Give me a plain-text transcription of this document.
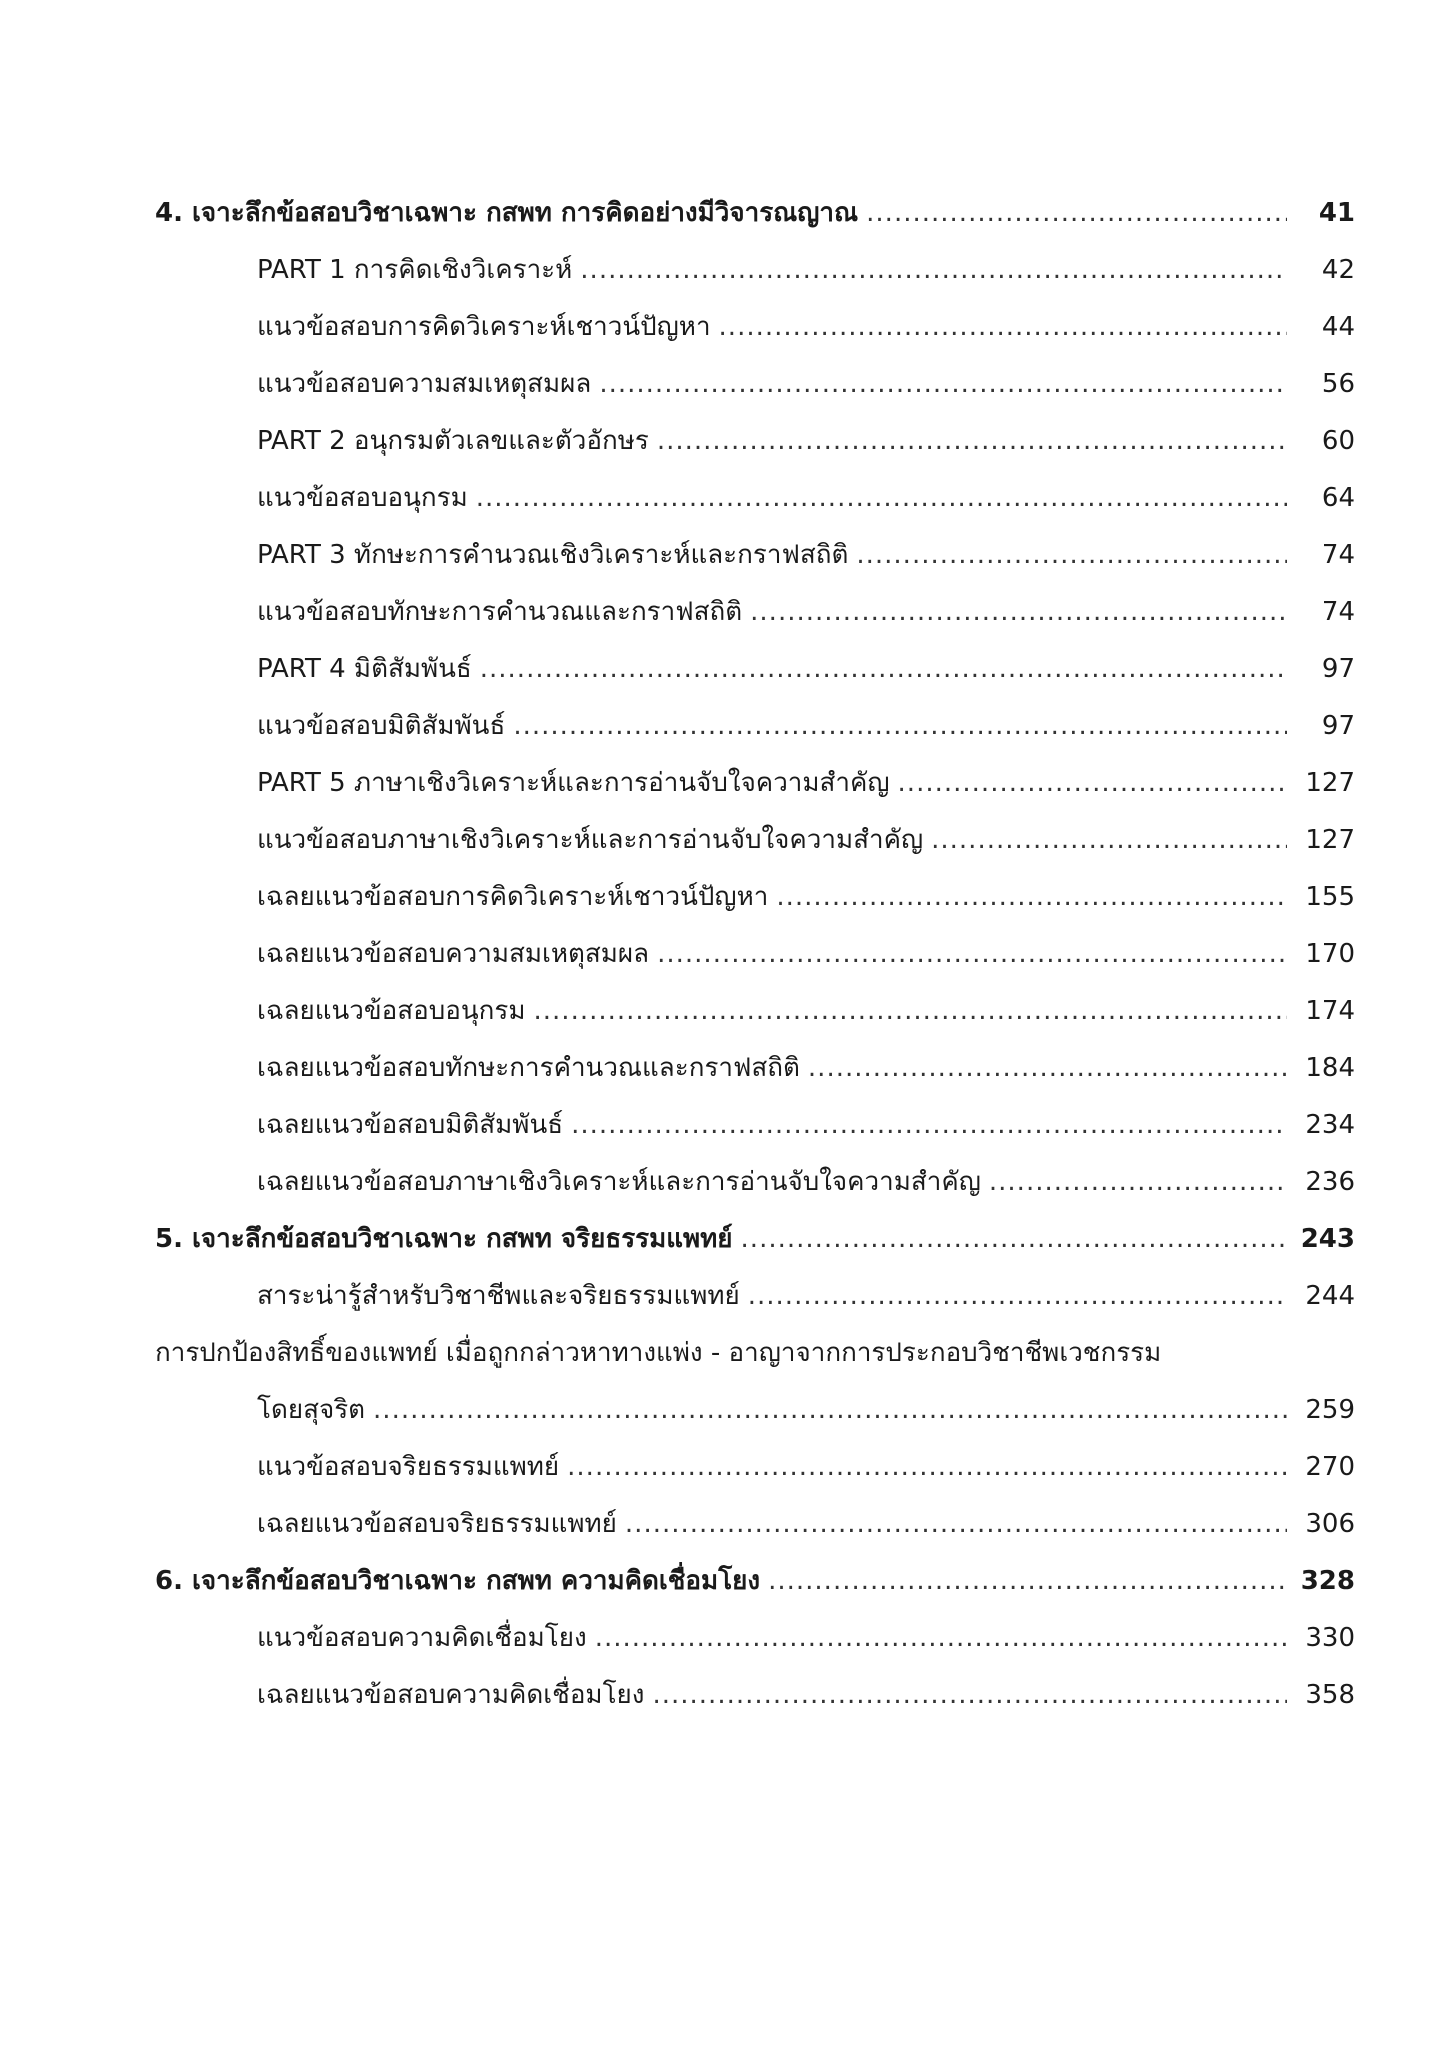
4. เจาะลึกข้อสอบวิชาเฉพาะ กสพท การคิดอย่างมีวิจารณญาณ .....	41
PART 1 การคิดเชิงวิเคราะห์ .....	42
แนวข้อสอบการคิดวิเคราะห์เชาวน์ปัญหา .....	44
แนวข้อสอบความสมเหตุสมผล .....	56
PART 2 อนุกรมตัวเลขและตัวอักษร .....	60
แนวข้อสอบอนุกรม .....	64
PART 3 ทักษะการคำนวณเชิงวิเคราะห์และกราฟสถิติ .....	74
แนวข้อสอบทักษะการคำนวณและกราฟสถิติ .....	74
PART 4 มิติสัมพันธ์ .....	97
แนวข้อสอบมิติสัมพันธ์ .....	97
PART 5 ภาษาเชิงวิเคราะห์และการอ่านจับใจความสำคัญ .....	127
แนวข้อสอบภาษาเชิงวิเคราะห์และการอ่านจับใจความสำคัญ .....	127
เฉลยแนวข้อสอบการคิดวิเคราะห์เชาวน์ปัญหา .....	155
เฉลยแนวข้อสอบความสมเหตุสมผล .....	170
เฉลยแนวข้อสอบอนุกรม .....	174
เฉลยแนวข้อสอบทักษะการคำนวณและกราฟสถิติ .....	184
เฉลยแนวข้อสอบมิติสัมพันธ์ .....	234
เฉลยแนวข้อสอบภาษาเชิงวิเคราะห์และการอ่านจับใจความสำคัญ .....	236
5. เจาะลึกข้อสอบวิชาเฉพาะ กสพท จริยธรรมแพทย์ .....	243
สาระน่ารู้สำหรับวิชาชีพและจริยธรรมแพทย์ .....	244
การปกป้องสิทธิ์ของแพทย์ เมื่อถูกกล่าวหาทางแพ่ง - อาญาจากการประกอบวิชาชีพเวชกรรม
โดยสุจริต .....	259
แนวข้อสอบจริยธรรมแพทย์ .....	270
เฉลยแนวข้อสอบจริยธรรมแพทย์ .....	306
6. เจาะลึกข้อสอบวิชาเฉพาะ กสพท ความคิดเชื่อมโยง .....	328
แนวข้อสอบความคิดเชื่อมโยง .....	330
เฉลยแนวข้อสอบความคิดเชื่อมโยง .....	358
